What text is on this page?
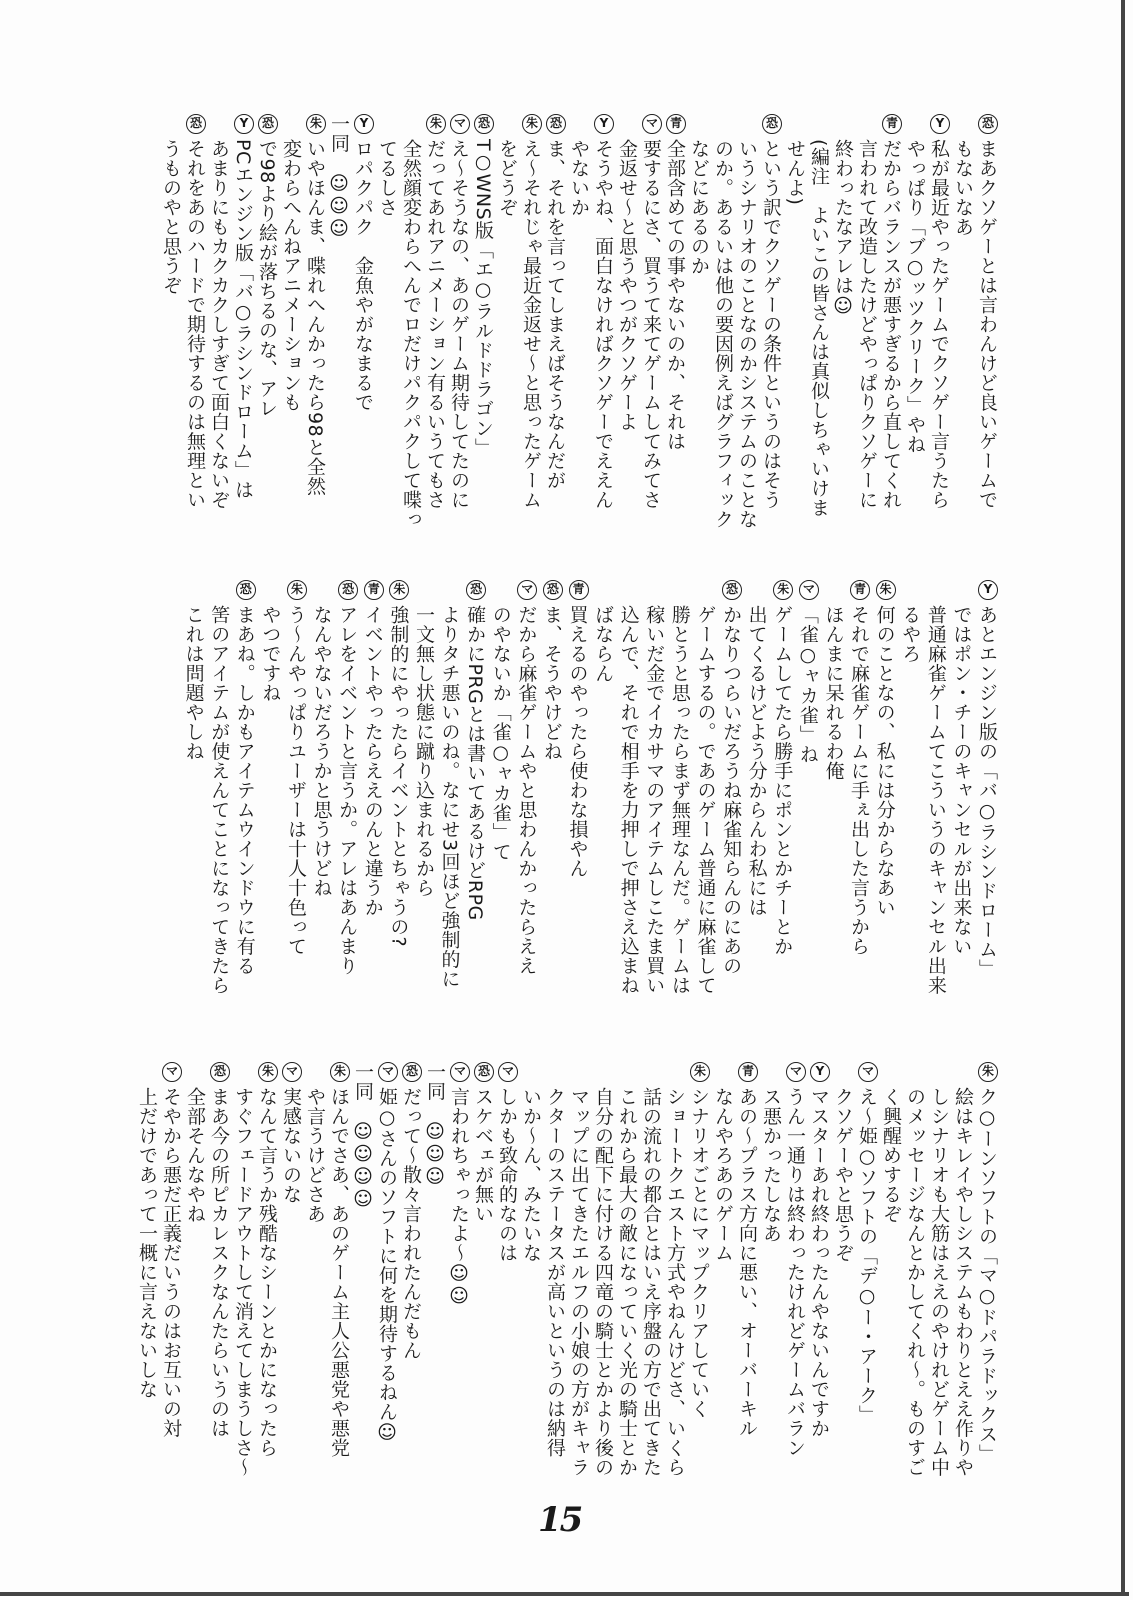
恐
まあクソゲーとは言わんけど良いゲームで
もないなあ
Y
私が最近やったゲームでクソゲー言うたら
やっぱり「ブ○ッツクリーク」やね
青
だからバランスが悪すぎるから直してくれ
言われて改造したけどやっぱりクソゲーに
終わったなアレは☺
(編注　よいこの皆さんは真似しちゃいけま
せんよ)
恐
という訳でクソゲーの条件というのはそう
いうシナリオのことなのかシステムのことな
のか。あるいは他の要因例えばグラフィック
などにあるのか
青
全部含めての事やないのか、それは
マ
要するにさ、買うて来てゲームしてみてさ
金返せ〜と思うやつがクソゲーよ
Y
そうやね、面白なければクソゲーでええん
やないか
恐
ま、それを言ってしまえばそうなんだが
朱
え〜それじゃ最近金返せ〜と思ったゲーム
をどうぞ
恐
T○WNS版「エ○ラルドドラゴン」
マ
え〜そうなの、あのゲーム期待してたのに
朱
だってあれアニメーション有るいうてもさ
全然顔変わらへんでロだけパクパクして喋っ
てるしさ
Y
ロパクパク　金魚やがなまるで
一同　☺☺☺
朱
いやほんま、喋れへんかったら98と全然
変わらへんねアニメーションも
恐
で98より絵が落ちるのな、アレ
Y
PCエンジン版「バ○ラシンドローム」は
あまりにもカクカクしすぎて面白くないぞ
恐
それをあのハードで期待するのは無理とい
うものやと思うぞ
Y
あとエンジン版の「バ○ラシンドローム」
ではポン・チーのキャンセルが出来ない
普通麻雀ゲームてこういうのキャンセル出来
るやろ
朱
何のことなの、私には分からなあい
青
それで麻雀ゲームに手ぇ出した言うから
ほんまに呆れるわ俺
マ
「雀○ャカ雀」ね
朱
ゲームしてたら勝手にポンとかチーとか
出てくるけどよう分からんわ私には
恐
かなりつらいだろうね麻雀知らんのにあの
ゲームするの。であのゲーム普通に麻雀して
勝とうと思ったらまず無理なんだ。ゲームは
稼いだ金でイカサマのアイテムしこたま買い
込んで、それで相手を力押しで押さえ込まね
ばならん
青
買えるのやったら使わな損やん
恐
ま、そうやけどね
マ
だから麻雀ゲームやと思わんかったらええ
のやないか「雀○ャカ雀」て
恐
確かにPRGとは書いてあるけどRPG
よりタチ悪いのね。なにせ3回ほど強制的に
一文無し状態に蹴り込まれるから
朱
強制的にやったらイベントとちゃうの?
青
イベントやったらええのんと違うか
恐
アレをイベントと言うか。アレはあんまり
なんやないだろうかと思うけどね
朱
う〜んやっぱりユーザーは十人十色って
やつですね
恐
まあね。しかもアイテムウインドウに有る
筈のアイテムが使えんてことになってきたら
これは問題やしね
朱
ク○ーンソフトの「マ○ドパラドックス」
絵はキレイやしシステムもわりとええ作りや
しシナリオも大筋はええのやけれどゲーム中
のメッセージなんとかしてくれ〜。ものすご
く興醒めするぞ
マ
え〜姫○ソフトの「デ○ー・アーク」
クソゲーやと思うぞ
Y
マスターあれ終わったんやないんですか
マ
うん一通りは終わったけれどゲームバラン
ス悪かったしなあ
青
あの〜プラス方向に悪い、オーバーキル
なんやろあのゲーム
朱
シナリオごとにマップクリアしていく
ショートクエスト方式やねんけどさ、いくら
話の流れの都合とはいえ序盤の方で出てきた
これから最大の敵になっていく光の騎士とか
自分の配下に付ける四竜の騎士とかより後の
マップに出てきたエルフの小娘の方がキャラ
クターのステータスが高いというのは納得
いか〜ん、みたいな
マ
しかも致命的なのは
恐
スケベェが無い
マ
言われちゃったよ〜☺☺
一同　☺☺☺
恐
だって〜散々言われたんだもん
マ
姫○さんのソフトに何を期待するねん☺
一同　☺☺☺☺
朱
ほんでさあ、あのゲーム主人公悪党や悪党
や言うけどさあ
マ
実感ないのな
朱
なんて言うか残酷なシーンとかになったら
すぐフェードアウトして消えてしまうしさ〜
恐
まあ今の所ピカレスクなんたらいうのは
全部そんなやね
マ
そやから悪だ正義だいうのはお互いの対
上だけであって一概に言えないしな
15
